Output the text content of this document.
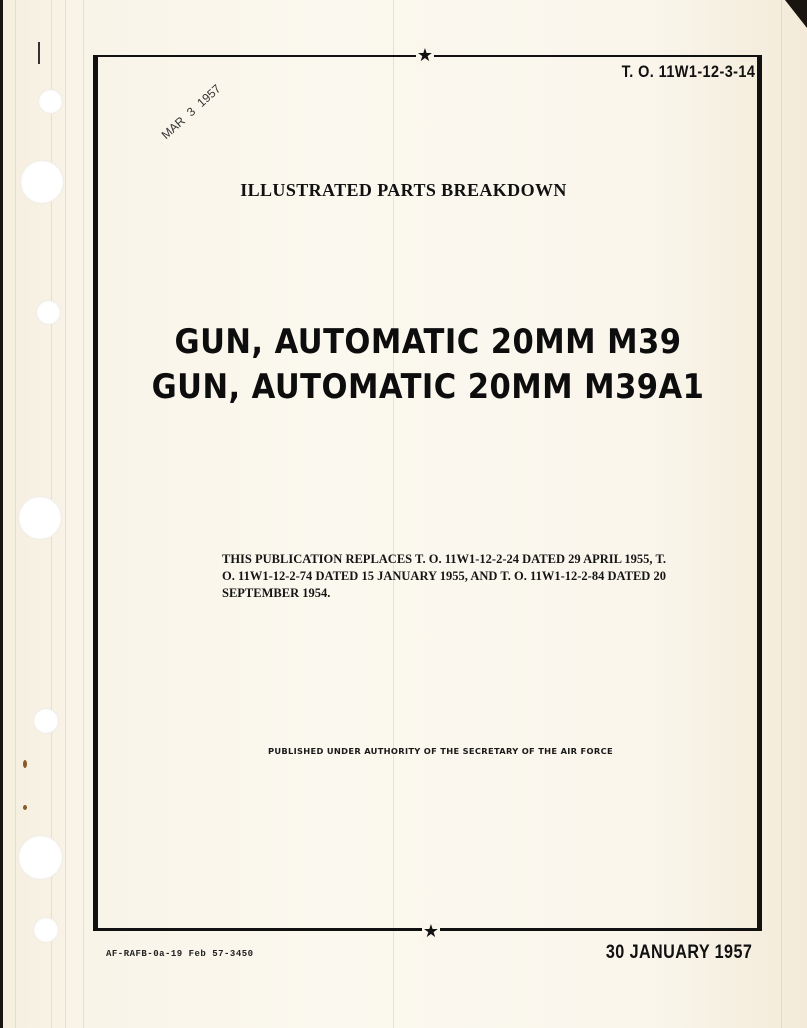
★
★
T. O. 11W1-12-3-14
MAR 3 1957
ILLUSTRATED PARTS BREAKDOWN
GUN, AUTOMATIC 20MM M39
GUN, AUTOMATIC 20MM M39A1
THIS PUBLICATION REPLACES T. O. 11W1-12-2-24 DATED 29 APRIL 1955, T. O. 11W1-12-2-74 DATED 15 JANUARY 1955, AND T. O. 11W1-12-2-84 DATED 20 SEPTEMBER 1954.
PUBLISHED UNDER AUTHORITY OF THE SECRETARY OF THE AIR FORCE
AF-RAFB-0a-19 Feb 57-3450	30 JANUARY 1957
